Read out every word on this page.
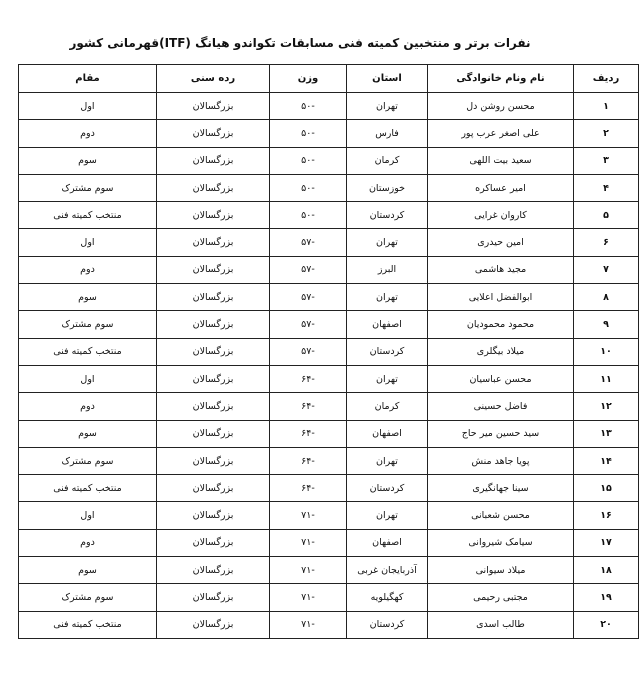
نفرات برتر و منتخبین کمیته فنی مسابقات تکواندو هیانگ (ITF)قهرمانی کشور
ردیف	نام ونام خانوادگی	استان	وزن	رده سنی	مقام
۱	محسن روشن دل	تهران	-۵۰	بزرگسالان	اول
۲	علی اصغر عرب پور	فارس	-۵۰	بزرگسالان	دوم
۳	سعید بیت اللهی	کرمان	-۵۰	بزرگسالان	سوم
۴	امیر عساکره	خوزستان	-۵۰	بزرگسالان	سوم مشترک
۵	کاروان غرایی	کردستان	-۵۰	بزرگسالان	منتخب کمیته فنی
۶	امین حیدری	تهران	-۵۷	بزرگسالان	اول
۷	مجید هاشمی	البرز	-۵۷	بزرگسالان	دوم
۸	ابوالفضل اعلایی	تهران	-۵۷	بزرگسالان	سوم
۹	محمود محمودیان	اصفهان	-۵۷	بزرگسالان	سوم مشترک
۱۰	میلاد بیگلری	کردستان	-۵۷	بزرگسالان	منتخب کمیته فنی
۱۱	محسن عباسیان	تهران	-۶۴	بزرگسالان	اول
۱۲	فاضل حسینی	کرمان	-۶۴	بزرگسالان	دوم
۱۳	سید حسین میر حاج	اصفهان	-۶۴	بزرگسالان	سوم
۱۴	پویا جاهد منش	تهران	-۶۴	بزرگسالان	سوم مشترک
۱۵	سینا جهانگیری	کردستان	-۶۴	بزرگسالان	منتخب کمیته فنی
۱۶	محسن شعبانی	تهران	-۷۱	بزرگسالان	اول
۱۷	سیامک شیروانی	اصفهان	-۷۱	بزرگسالان	دوم
۱۸	میلاد سیوانی	آذربایجان غربی	-۷۱	بزرگسالان	سوم
۱۹	مجتبی رحیمی	کهگیلویه	-۷۱	بزرگسالان	سوم مشترک
۲۰	طالب اسدی	کردستان	-۷۱	بزرگسالان	منتخب کمیته فنی
